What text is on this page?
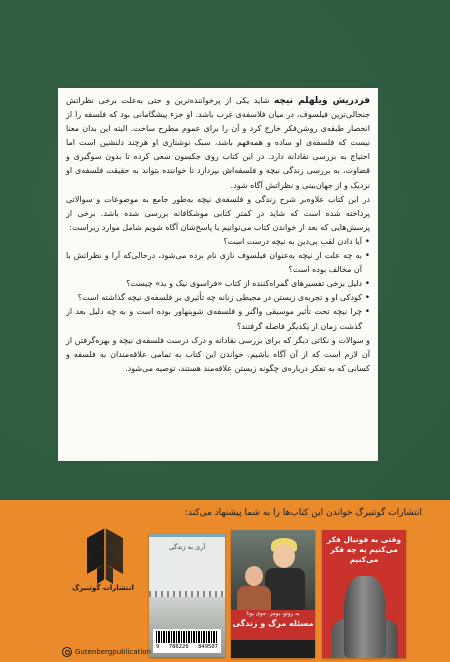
فردریش ویلهلم نیچه شاید یکی از پرخواننده‌ترین و حتی به‌علت برخی نظراتش جنجالی‌ترین فیلسوف، در میان فلاسفه‌ی غرب باشد. او جزء پیشگامانی بود که فلسفه را از انحصار طبقه‌ی روشن‌فکر خارج کرد و آن را برای عموم مطرح ساخت. البته این بدان معنا نیست که فلسفه‌ی او ساده و همه‌فهم باشد، سبک نوشتاری او هرچند دلنشین است اما احتیاج به بررسی نقادانه دارد. در این کتاب روی جکسون سعی کرده تا بدون سوگیری و قضاوت، به بررسی زندگی نیچه و فلسفه‌اش بپردازد تا خواننده بتواند به حقیقت فلسفه‌ی او نزدیک و از جهان‌بینی و نظراتش آگاه شود.

در این کتاب علاوه‌بر شرح زندگی و فلسفه‌ی نیچه به‌طور جامع به موضوعات و سوالاتی پرداخته شده است که شاید در کمتر کتابی موشکافانه بررسی شده باشد. برخی از پرسش‌هایی که بعد از خواندن کتاب می‌توانیم با پاسخ‌شان آگاه شویم شامل موارد زیراست:

• آیا دادن لقب بی‌دین به نیچه درست است؟
• به چه علت از نیچه به‌عنوان فیلسوف نازی نام برده می‌شود، درحالی‌که آرا و نظراتش با آن مخالف بوده است؟
• دلیل برخی تفسیرهای گمراه‌کننده از کتاب «فراسوی نیک و بد» چیست؟
• کودکی او و تجربه‌ی زیستن در محیطی زنانه چه تأثیری بر فلسفه‌ی نیچه گذاشته است؟
• چرا نیچه تحت تأثیر موسیقی واگنر و فلسفه‌ی شوپنهاور بوده است و به چه دلیل بعد از گذشت زمان از یکدیگر فاصله گرفتند؟

و سوالات و نکاتی دیگر که برای بررسی نقادانه و درک درست فلسفه‌ی نیچه و بهره‌گرفتن از آن لازم است که از آن آگاه باشیم. خواندن این کتاب به تمامی علاقه‌مندان به فلسفه و کسانی که به تفکر درباره‌ی چگونه زیستن علاقه‌مند هستند، توصیه می‌شود.

انتشارات گوتنبرگ خواندن این کتاب‌ها را به شما پیشنهاد می‌کند:
وقتی به فوتبال فکر می‌کنیم به چه فکر می‌کنیم
یه روتو، بومر. جوی بوتا
مسئله مرگ و زندگی
آری به زندگی
9 786226 849507
انتشارات گوتنبرگ
Gutenbergpublication
